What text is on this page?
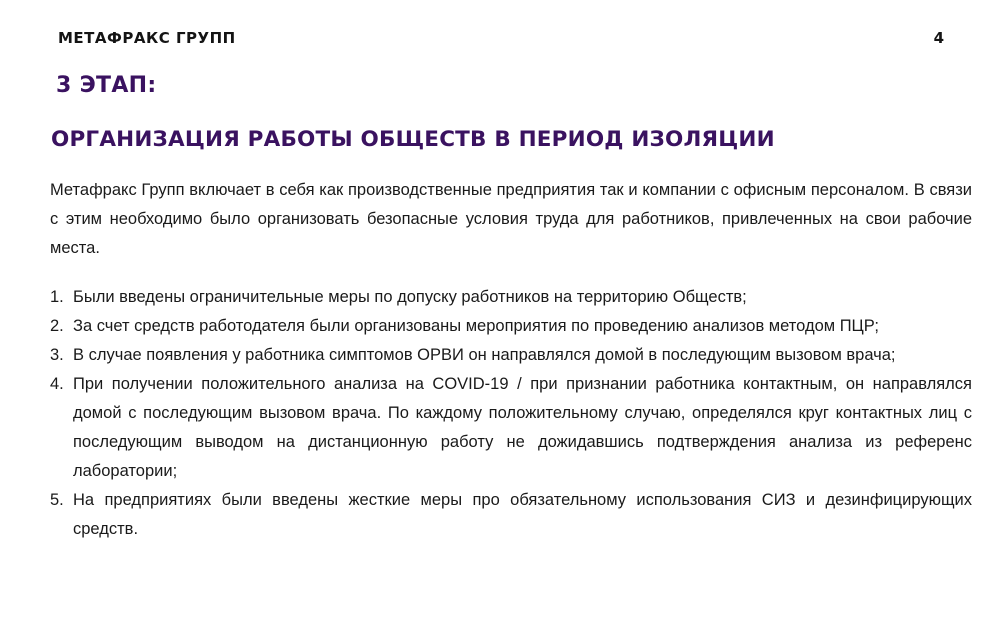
МЕТАФРАКС ГРУПП	4
3 ЭТАП:
ОРГАНИЗАЦИЯ РАБОТЫ ОБЩЕСТВ В ПЕРИОД ИЗОЛЯЦИИ

Метафракс Групп включает в себя как производственные предприятия так и компании с офисным персоналом. В связи с этим необходимо было организовать безопасные условия труда для работников, привлеченных на свои рабочие места.

1. Были введены ограничительные меры по допуску работников на территорию Обществ;
2. За счет средств работодателя были организованы мероприятия по проведению анализов методом ПЦР;
3. В случае появления у работника симптомов ОРВИ он направлялся домой в последующим вызовом врача;
4. При получении положительного анализа на COVID-19 / при признании работника контактным, он направлялся домой с последующим вызовом врача. По каждому положительному случаю, определялся круг контактных лиц с последующим выводом на дистанционную работу не дожидавшись подтверждения анализа из референс лаборатории;
5. На предприятиях были введены жесткие меры про обязательному использования СИЗ и дезинфицирующих средств.
